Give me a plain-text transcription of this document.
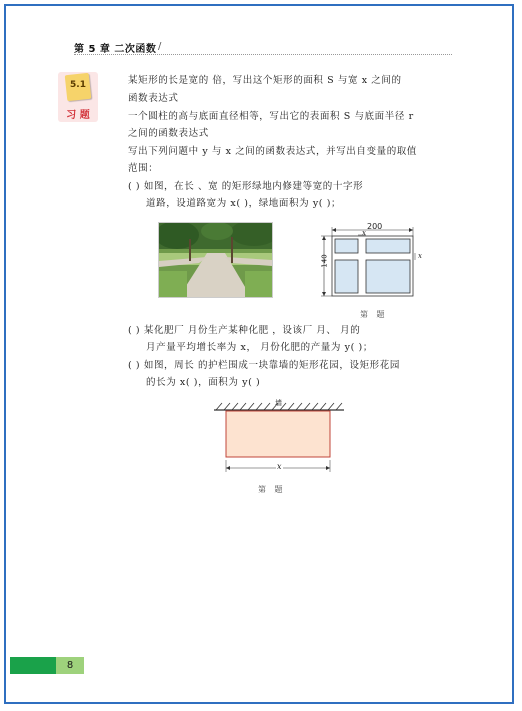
第 5 章 二次函数 /
5.1
习 题
某矩形的长是宽的 倍，写出这个矩形的面积 S 与宽 x 之间的
函数表达式
一个圆柱的高与底面直径相等，写出它的表面积 S 与底面半径 r
之间的函数表达式
写出下列问题中 y 与 x 之间的函数表达式，并写出自变量的取值
范围：
( ) 如图，在长 、宽 的矩形绿地内修建等宽的十字形
道路，设道路宽为 x( )，绿地面积为 y( )；
200
140
x
x
第 题
( ) 某化肥厂 月份生产某种化肥 ，设该厂 月、 月的
月产量平均增长率为 x， 月份化肥的产量为 y( )；
( ) 如图，周长 的护栏围成一块靠墙的矩形花园，设矩形花园
的长为 x( )，面积为 y( )
墙
x
第 题
8
